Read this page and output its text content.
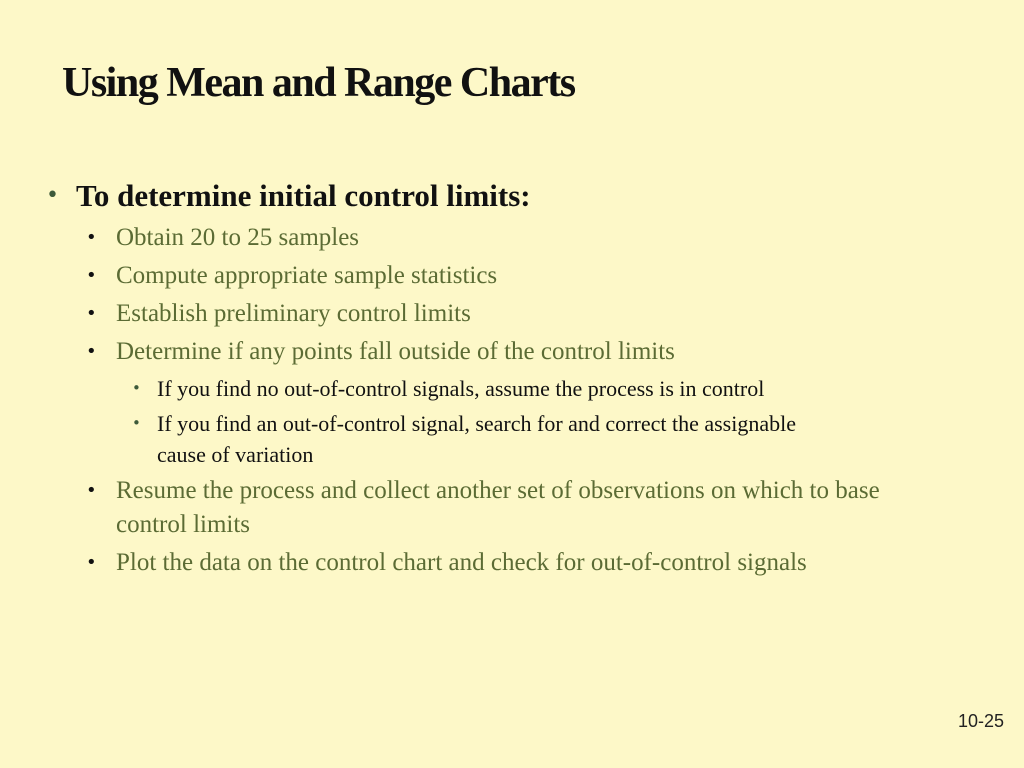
Using Mean and Range Charts
• To determine initial control limits:
• Obtain 20 to 25 samples
• Compute appropriate sample statistics
• Establish preliminary control limits
• Determine if any points fall outside of the control limits
• If you find no out-of-control signals, assume the process is in control
• If you find an out-of-control signal, search for and correct the assignable cause of variation
• Resume the process and collect another set of observations on which to base control limits
• Plot the data on the control chart and check for out-of-control signals
10-25
